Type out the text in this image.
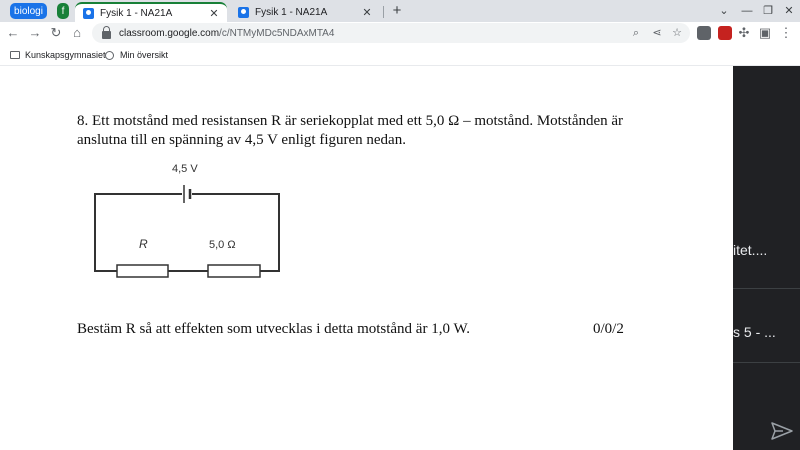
biologi	f	Fysik 1 - NA21A	✕	Fysik 1 - NA21A	✕ +	⌄	— ❐	✕
← → ↻ ⌂	classroom.google.com/c/NTMyMDc5NDAxMTA4	⌕	⋖ ☆	✣ ▣ ⋮
Kunskapsgymnasiet Min översikt
8. Ett motstånd med resistansen R är seriekopplat med ett 5,0 Ω – motstånd. Motstånden är
anslutna till en spänning av 4,5 V enligt figuren nedan.
4,5 V
R	5,0 Ω
Bestäm R så att effekten som utvecklas i detta motstånd är 1,0 W.	0/0/2
itet....
s 5 - ...
